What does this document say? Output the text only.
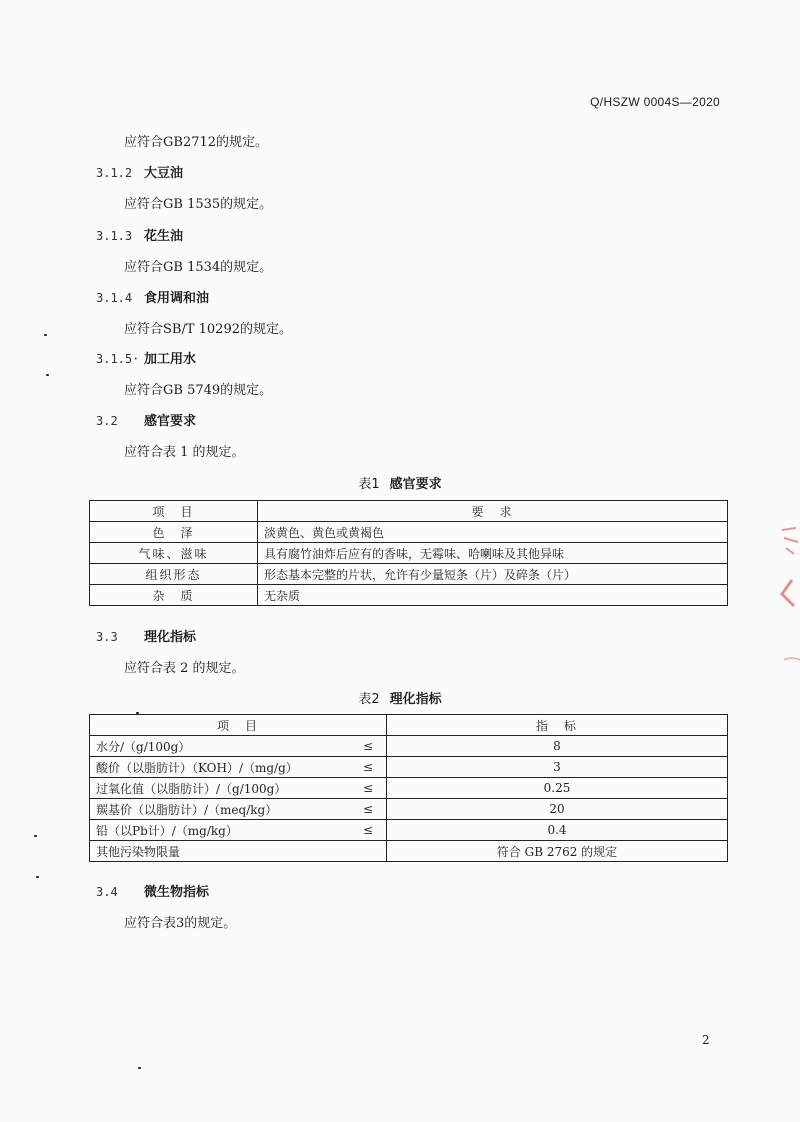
Q/HSZW 0004S—2020
应符合GB2712的规定。
3.1.2 大豆油
应符合GB 1535的规定。
3.1.3 花生油
应符合GB 1534的规定。
3.1.4 食用调和油
应符合SB/T 10292的规定。
3.1.5· 加工用水
应符合GB 5749的规定。
3.2 感官要求
应符合表 1 的规定。
表1 感官要求
项　目	要　求
色　泽	淡黄色、黄色或黄褐色
气味、滋味	具有腐竹油炸后应有的香味，无霉味、哈喇味及其他异味
组织形态	形态基本完整的片状，允许有少量短条（片）及碎条（片）
杂　质	无杂质
3.3 理化指标
应符合表 2 的规定。
表2 理化指标
项　目		指　标
水分/（g/100g）	≤	8
酸价（以脂肪计）（KOH）/（mg/g）	≤	3
过氧化值（以脂肪计）/（g/100g）	≤	0.25
羰基价（以脂肪计）/（meq/kg）	≤	20
铅（以Pb计）/（mg/kg）	≤	0.4
其他污染物限量		符合 GB 2762 的规定
3.4 微生物指标
应符合表3的规定。
2
